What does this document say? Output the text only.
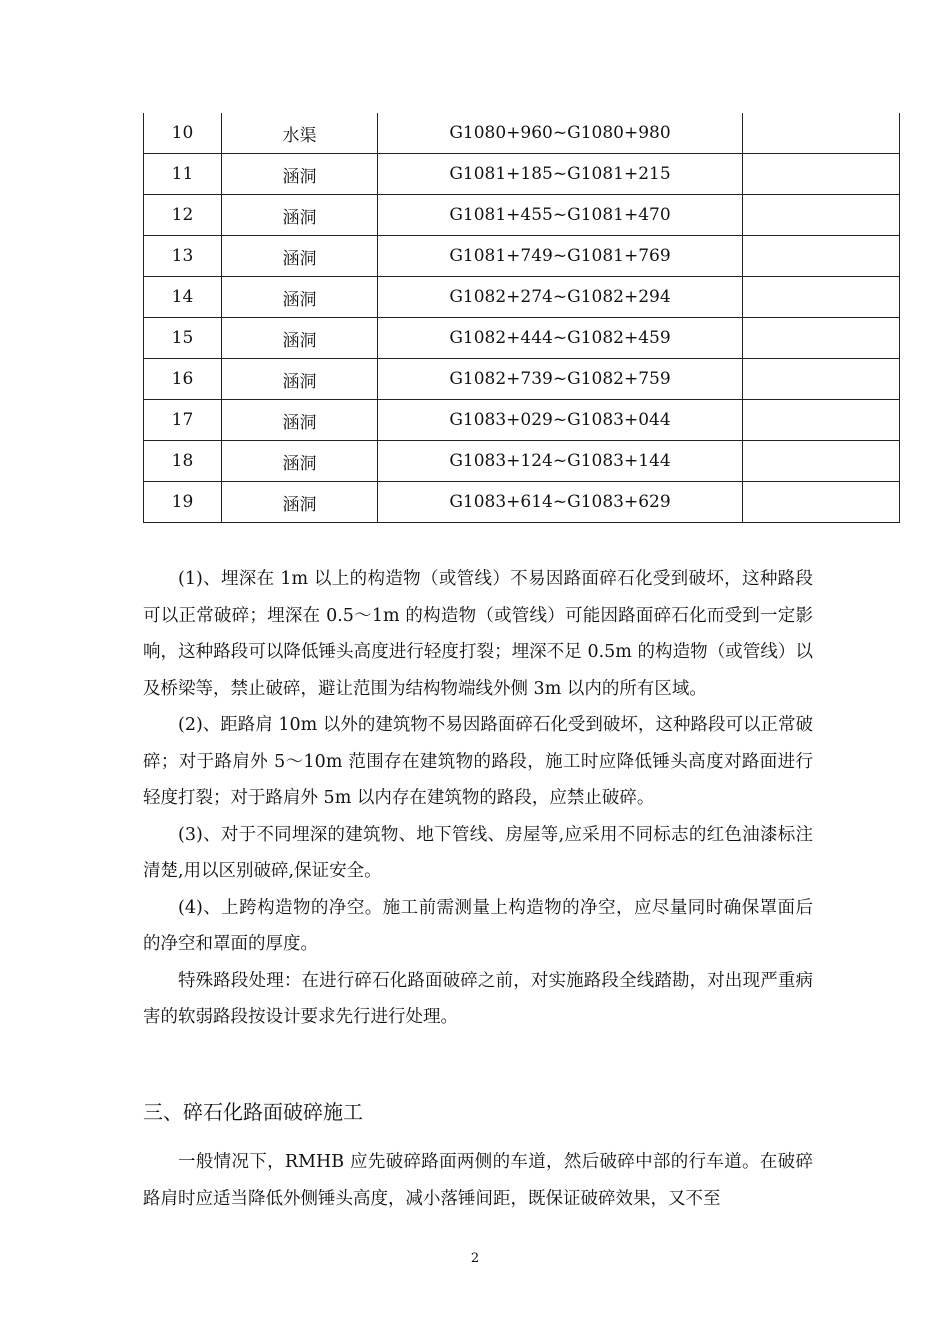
10	水渠	G1080+960~G1080+980	
11	涵洞	G1081+185~G1081+215	
12	涵洞	G1081+455~G1081+470	
13	涵洞	G1081+749~G1081+769	
14	涵洞	G1082+274~G1082+294	
15	涵洞	G1082+444~G1082+459	
16	涵洞	G1082+739~G1082+759	
17	涵洞	G1083+029~G1083+044	
18	涵洞	G1083+124~G1083+144	
19	涵洞	G1083+614~G1083+629	

(1)、埋深在 1m 以上的构造物（或管线）不易因路面碎石化受到破坏，这种路段可以正常破碎；埋深在 0.5～1m 的构造物（或管线）可能因路面碎石化而受到一定影响，这种路段可以降低锤头高度进行轻度打裂；埋深不足 0.5m 的构造物（或管线）以及桥梁等，禁止破碎，避让范围为结构物端线外侧 3m 以内的所有区域。

(2)、距路肩 10m 以外的建筑物不易因路面碎石化受到破坏，这种路段可以正常破碎；对于路肩外 5～10m 范围存在建筑物的路段，施工时应降低锤头高度对路面进行轻度打裂；对于路肩外 5m 以内存在建筑物的路段，应禁止破碎。

(3)、对于不同埋深的建筑物、地下管线、房屋等,应采用不同标志的红色油漆标注清楚,用以区别破碎,保证安全。

(4)、上跨构造物的净空。施工前需测量上构造物的净空，应尽量同时确保罩面后的净空和罩面的厚度。

特殊路段处理：在进行碎石化路面破碎之前，对实施路段全线踏勘，对出现严重病害的软弱路段按设计要求先行进行处理。

三、碎石化路面破碎施工

一般情况下，RMHB 应先破碎路面两侧的车道，然后破碎中部的行车道。在破碎路肩时应适当降低外侧锤头高度，减小落锤间距，既保证破碎效果，又不至

2
